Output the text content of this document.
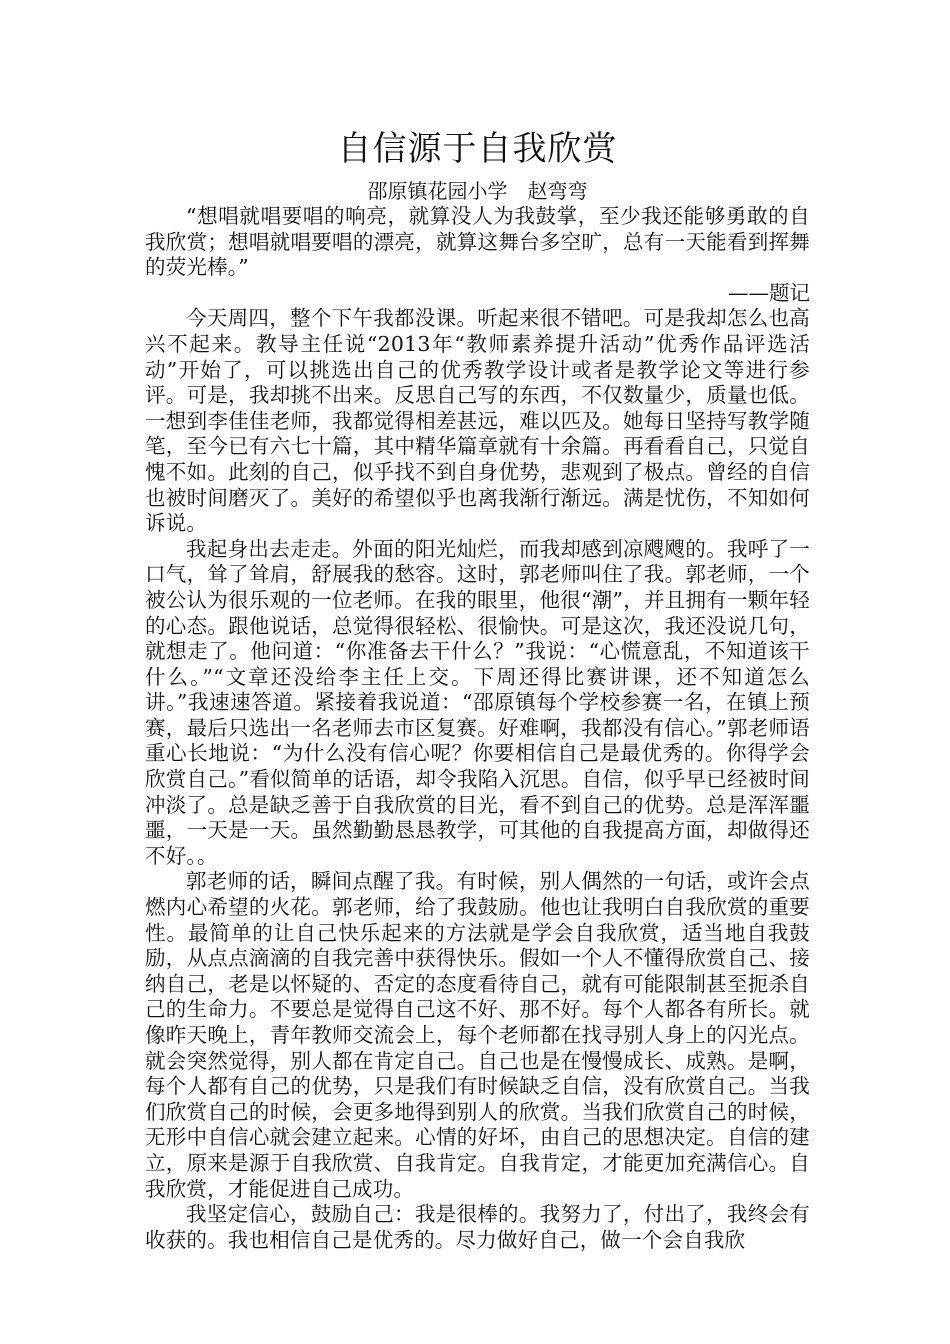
自信源于自我欣赏

邵原镇花园小学　赵弯弯

“想唱就唱要唱的响亮，就算没人为我鼓掌，至少我还能够勇敢的自我欣赏；想唱就唱要唱的漂亮，就算这舞台多空旷，总有一天能看到挥舞的荧光棒。”

——题记

今天周四，整个下午我都没课。听起来很不错吧。可是我却怎么也高兴不起来。教导主任说“2013年“教师素养提升活动”优秀作品评选活动”开始了，可以挑选出自己的优秀教学设计或者是教学论文等进行参评。可是，我却挑不出来。反思自己写的东西，不仅数量少，质量也低。一想到李佳佳老师，我都觉得相差甚远，难以匹及。她每日坚持写教学随笔，至今已有六七十篇，其中精华篇章就有十余篇。再看看自己，只觉自愧不如。此刻的自己，似乎找不到自身优势，悲观到了极点。曾经的自信也被时间磨灭了。美好的希望似乎也离我渐行渐远。满是忧伤，不知如何诉说。

我起身出去走走。外面的阳光灿烂，而我却感到凉飕飕的。我呼了一口气，耸了耸肩，舒展我的愁容。这时，郭老师叫住了我。郭老师，一个被公认为很乐观的一位老师。在我的眼里，他很“潮”，并且拥有一颗年轻的心态。跟他说话，总觉得很轻松、很愉快。可是这次，我还没说几句，就想走了。他问道：“你准备去干什么？”我说：“心慌意乱，不知道该干什么。”“文章还没给李主任上交。下周还得比赛讲课，还不知道怎么讲。”我速速答道。紧接着我说道：“邵原镇每个学校参赛一名，在镇上预赛，最后只选出一名老师去市区复赛。好难啊，我都没有信心。”郭老师语重心长地说：“为什么没有信心呢？你要相信自己是最优秀的。你得学会欣赏自己。”看似简单的话语，却令我陷入沉思。自信，似乎早已经被时间冲淡了。总是缺乏善于自我欣赏的目光，看不到自己的优势。总是浑浑噩噩，一天是一天。虽然勤勤恳恳教学，可其他的自我提高方面，却做得还不好。。

郭老师的话，瞬间点醒了我。有时候，别人偶然的一句话，或许会点燃内心希望的火花。郭老师，给了我鼓励。他也让我明白自我欣赏的重要性。最简单的让自己快乐起来的方法就是学会自我欣赏，适当地自我鼓励，从点点滴滴的自我完善中获得快乐。假如一个人不懂得欣赏自己、接纳自己，老是以怀疑的、否定的态度看待自己，就有可能限制甚至扼杀自己的生命力。不要总是觉得自己这不好、那不好。每个人都各有所长。就像昨天晚上，青年教师交流会上，每个老师都在找寻别人身上的闪光点。就会突然觉得，别人都在肯定自己。自己也是在慢慢成长、成熟。是啊，每个人都有自己的优势，只是我们有时候缺乏自信，没有欣赏自己。当我们欣赏自己的时候，会更多地得到别人的欣赏。当我们欣赏自己的时候，无形中自信心就会建立起来。心情的好坏，由自己的思想决定。自信的建立，原来是源于自我欣赏、自我肯定。自我肯定，才能更加充满信心。自我欣赏，才能促进自己成功。

我坚定信心，鼓励自己：我是很棒的。我努力了，付出了，我终会有收获的。我也相信自己是优秀的。尽力做好自己，做一个会自我欣
